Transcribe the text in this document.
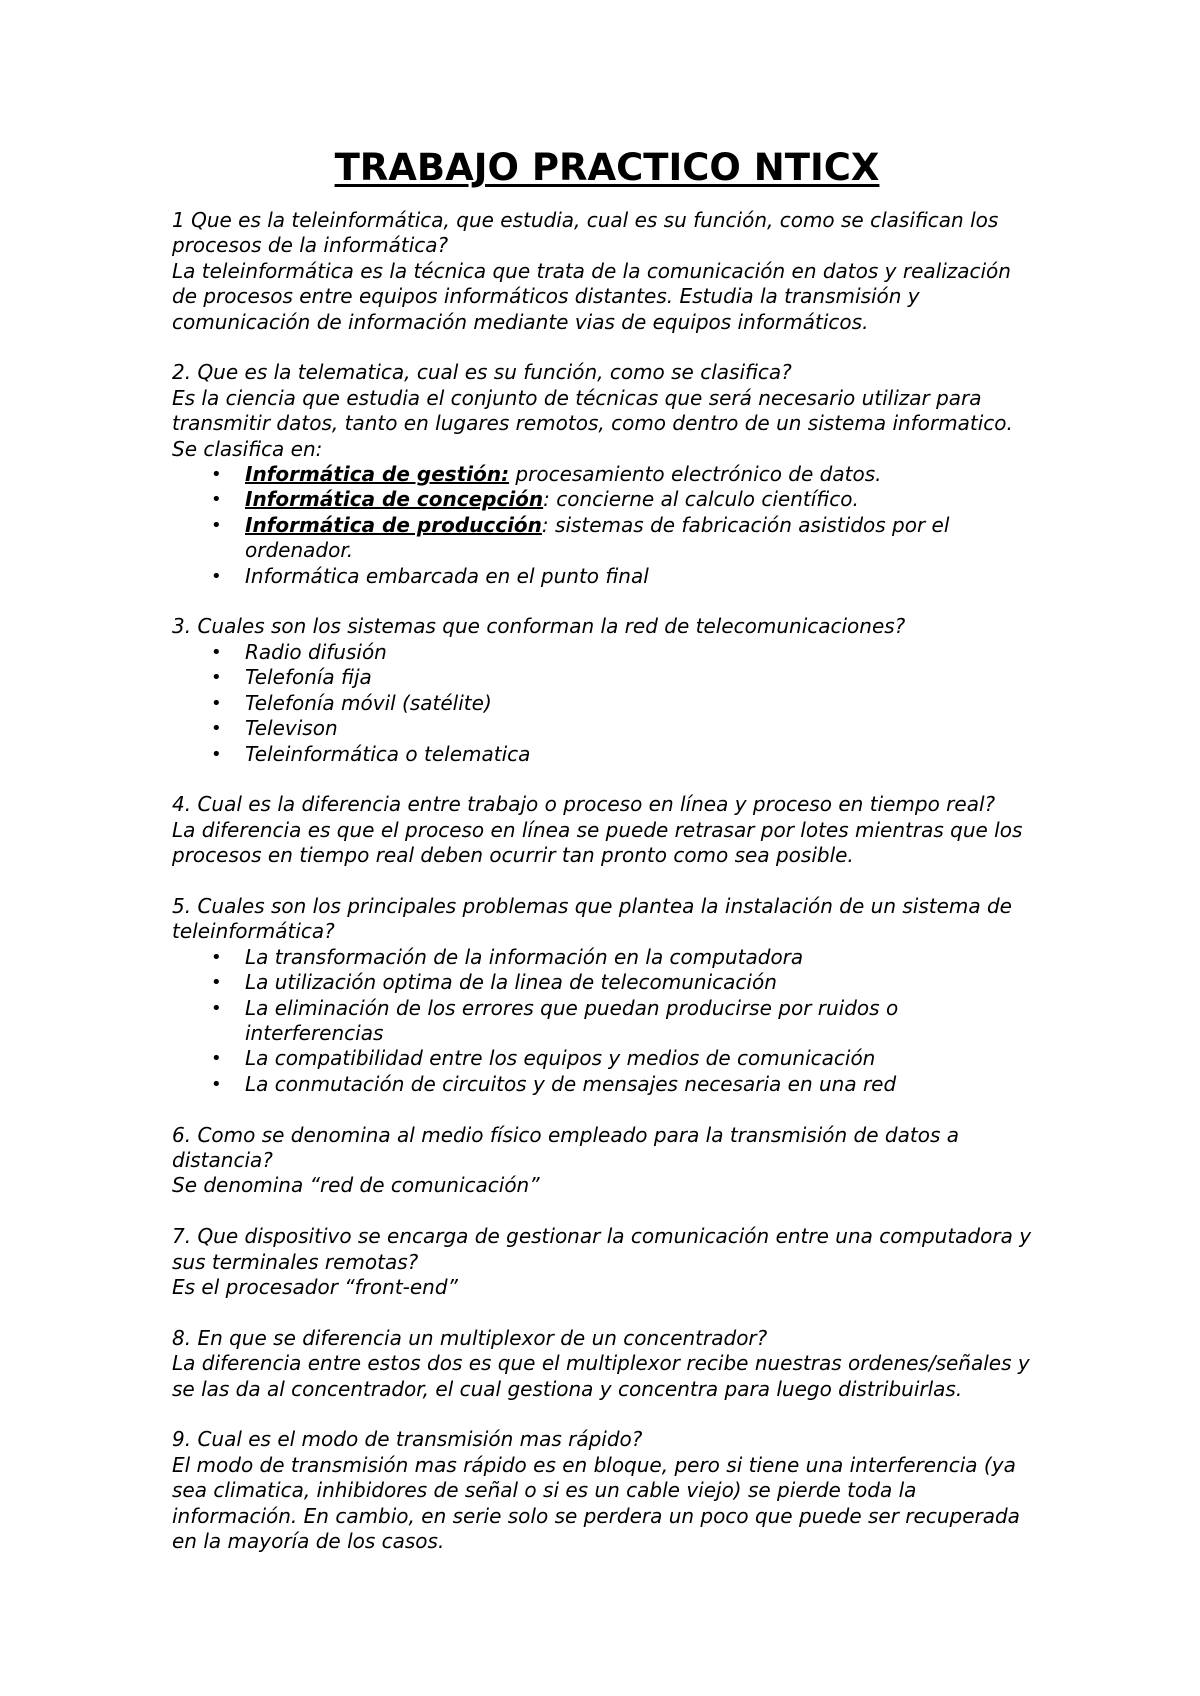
TRABAJO PRACTICO NTICX

1 Que es la teleinformática, que estudia, cual es su función, como se clasifican los procesos de la informática?

La teleinformática es la técnica que trata de la comunicación en datos y realización de procesos entre equipos informáticos distantes. Estudia la transmisión y comunicación de información mediante vias de equipos informáticos.

2. Que es la telematica, cual es su función, como se clasifica?

Es la ciencia que estudia el conjunto de técnicas que será necesario utilizar para transmitir datos, tanto en lugares remotos, como dentro de un sistema informatico.

Se clasifica en:

• Informática de gestión: procesamiento electrónico de datos.
• Informática de concepción: concierne al calculo científico.
• Informática de producción: sistemas de fabricación asistidos por el ordenador.
• Informática embarcada en el punto final

3. Cuales son los sistemas que conforman la red de telecomunicaciones?

• Radio difusión
• Telefonía fija
• Telefonía móvil (satélite)
• Televison
• Teleinformática o telematica

4. Cual es la diferencia entre trabajo o proceso en línea y proceso en tiempo real?

La diferencia es que el proceso en línea se puede retrasar por lotes mientras que los procesos en tiempo real deben ocurrir tan pronto como sea posible.

5. Cuales son los principales problemas que plantea la instalación de un sistema de teleinformática?

• La transformación de la información en la computadora
• La utilización optima de la linea de telecomunicación
• La eliminación de los errores que puedan producirse por ruidos o interferencias
• La compatibilidad entre los equipos y medios de comunicación
• La conmutación de circuitos y de mensajes necesaria en una red

6. Como se denomina al medio físico empleado para la transmisión de datos a distancia?

Se denomina “red de comunicación”

7. Que dispositivo se encarga de gestionar la comunicación entre una computadora y sus terminales remotas?

Es el procesador “front-end”

8. En que se diferencia un multiplexor de un concentrador?

La diferencia entre estos dos es que el multiplexor recibe nuestras ordenes/señales y se las da al concentrador, el cual gestiona y concentra para luego distribuirlas.

9. Cual es el modo de transmisión mas rápido?

El modo de transmisión mas rápido es en bloque, pero si tiene una interferencia (ya sea climatica, inhibidores de señal o si es un cable viejo) se pierde toda la información. En cambio, en serie solo se perdera un poco que puede ser recuperada en la mayoría de los casos.
